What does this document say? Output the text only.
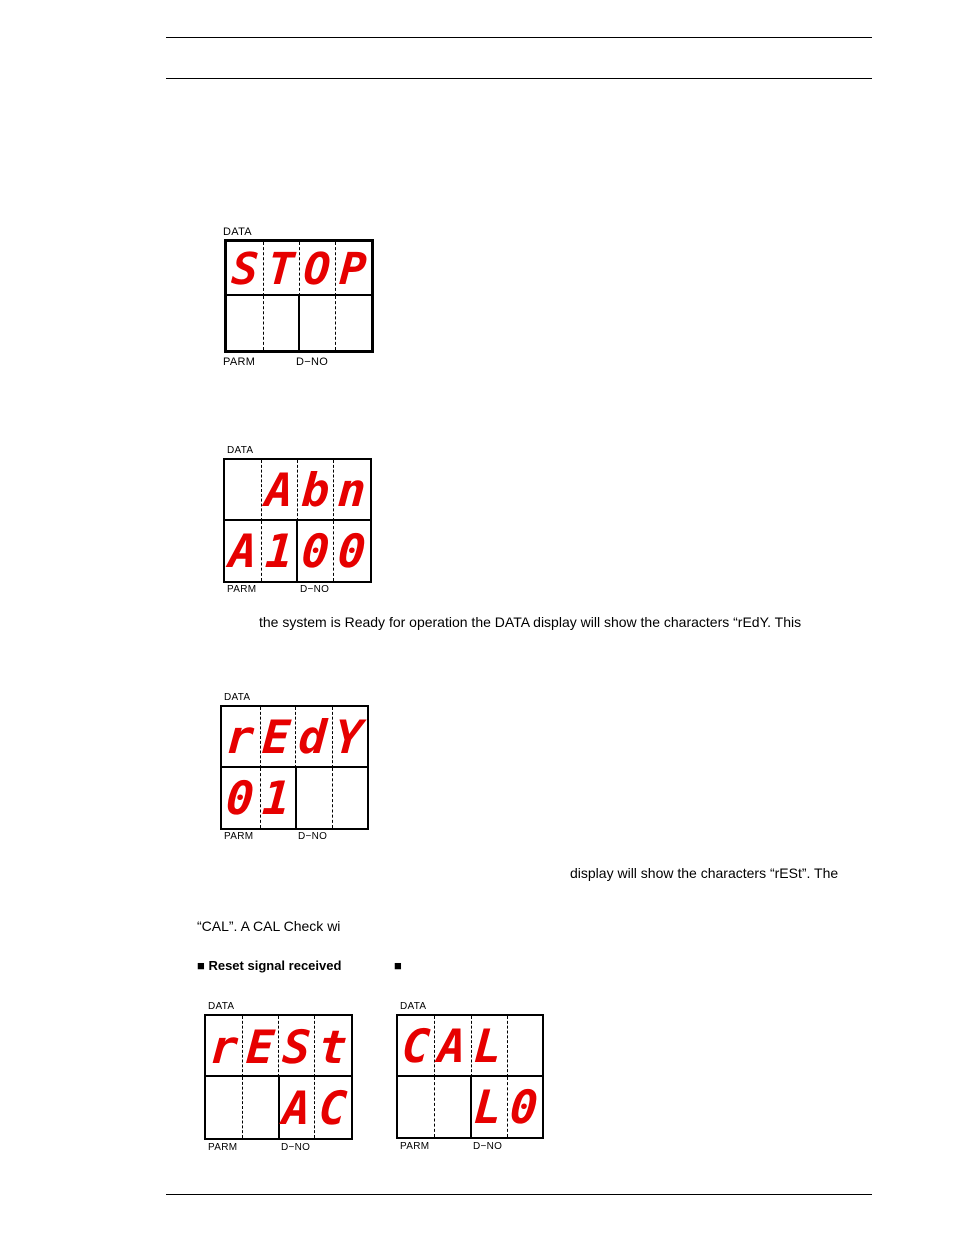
DATA
S T O P
PARM	D−NO
DATA
A b n
A 1 0 0
PARM	D−NO
the system is Ready for operation the DATA display will show the characters “rEdY. This
DATA
r E d Y
0 1
PARM	D−NO
display will show the characters “rESt”. The
“CAL”. A CAL Check wi
■ Reset signal received	■
DATA
r E S t
A C
PARM	D−NO
DATA
C A L
L 0
PARM	D−NO
